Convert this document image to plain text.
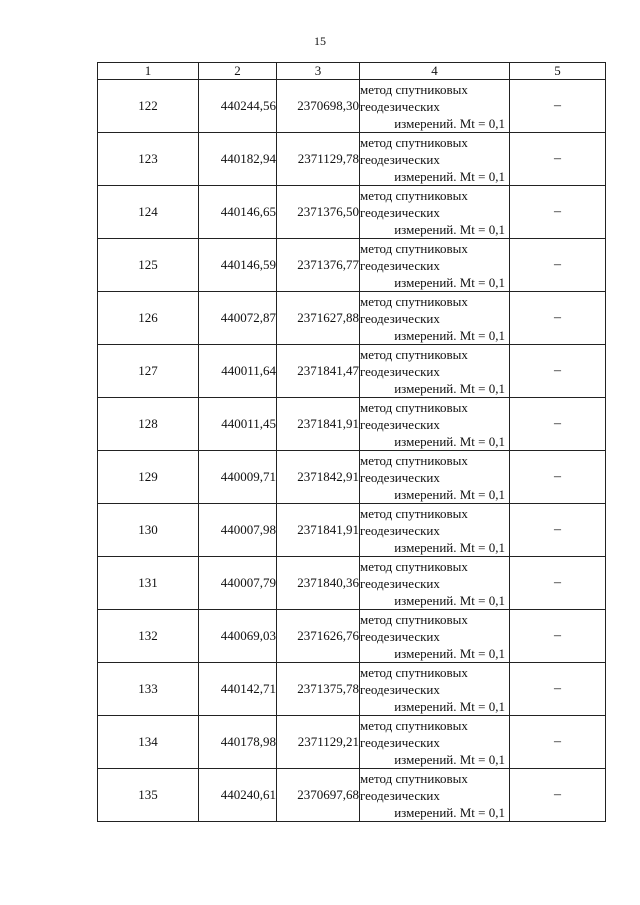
15
1	2	3	4	5
122	440244,56	2370698,30	метод спутниковых
геодезических
измерений. Mt = 0,1	–
123	440182,94	2371129,78	метод спутниковых
геодезических
измерений. Mt = 0,1	–
124	440146,65	2371376,50	метод спутниковых
геодезических
измерений. Mt = 0,1	–
125	440146,59	2371376,77	метод спутниковых
геодезических
измерений. Mt = 0,1	–
126	440072,87	2371627,88	метод спутниковых
геодезических
измерений. Mt = 0,1	–
127	440011,64	2371841,47	метод спутниковых
геодезических
измерений. Mt = 0,1	–
128	440011,45	2371841,91	метод спутниковых
геодезических
измерений. Mt = 0,1	–
129	440009,71	2371842,91	метод спутниковых
геодезических
измерений. Mt = 0,1	–
130	440007,98	2371841,91	метод спутниковых
геодезических
измерений. Mt = 0,1	–
131	440007,79	2371840,36	метод спутниковых
геодезических
измерений. Mt = 0,1	–
132	440069,03	2371626,76	метод спутниковых
геодезических
измерений. Mt = 0,1	–
133	440142,71	2371375,78	метод спутниковых
геодезических
измерений. Mt = 0,1	–
134	440178,98	2371129,21	метод спутниковых
геодезических
измерений. Mt = 0,1	–
135	440240,61	2370697,68	метод спутниковых
геодезических
измерений. Mt = 0,1	–
